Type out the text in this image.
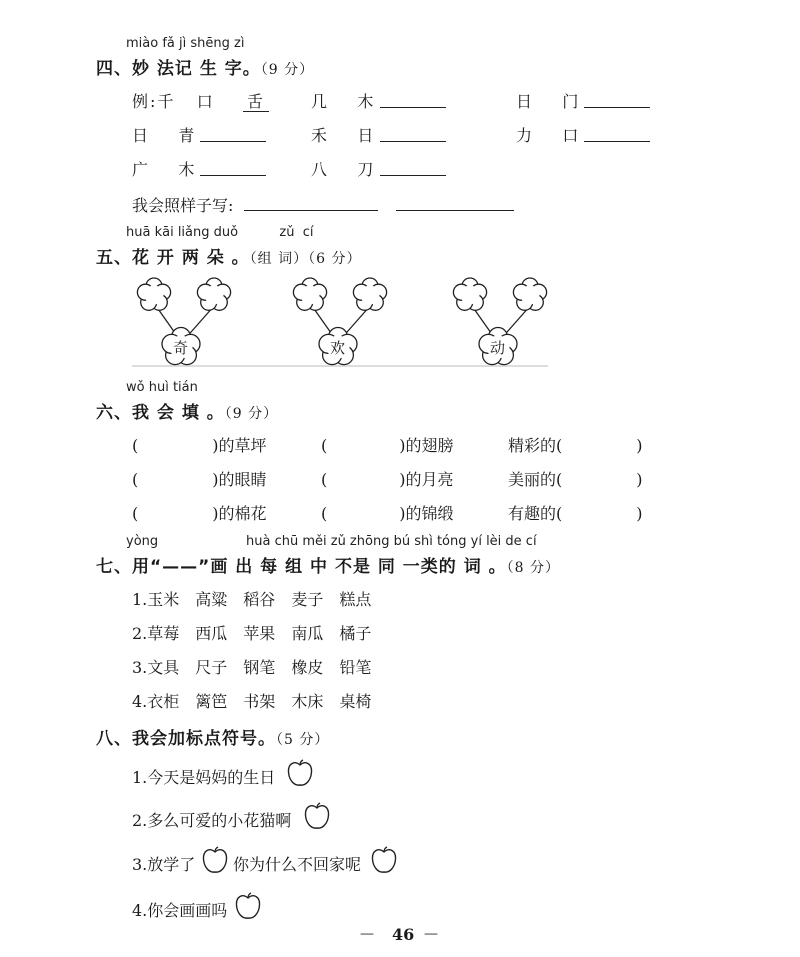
miào fǎ jì shēng zì
四、妙 法记 生 字。（9 分）
例:千 口 舌	几 木	日 门
日 青	禾 日	力 口
广 木	八 刀
我会照样子写:
huā kāi liǎng duǒ          zǔ  cí
五、花 开 两 朵 。（组 词）（6 分）
奇	欢	动
wǒ huì tián
六、我 会 填 。（9 分）
(	)的草坪	(	)的翅膀	精彩的(	)
(	)的眼睛	(	)的月亮	美丽的(	)
(	)的棉花	(	)的锦缎	有趣的(	)
yòng	huà chū měi zǔ zhōng bú shì tóng yí lèi de cí
七、用“——”画 出 每 组 中 不是 同 一类的 词 。（8 分）
1.玉米 高粱 稻谷 麦子 糕点
2.草莓 西瓜 苹果 南瓜 橘子
3.文具 尺子 钢笔 橡皮 铅笔
4.衣柜 篱笆 书架 木床 桌椅
八、我会加标点符号。（5 分）
1.今天是妈妈的生日
2.多么可爱的小花猫啊
3.放学了 你为什么不回家呢
4.你会画画吗
— 46 —
